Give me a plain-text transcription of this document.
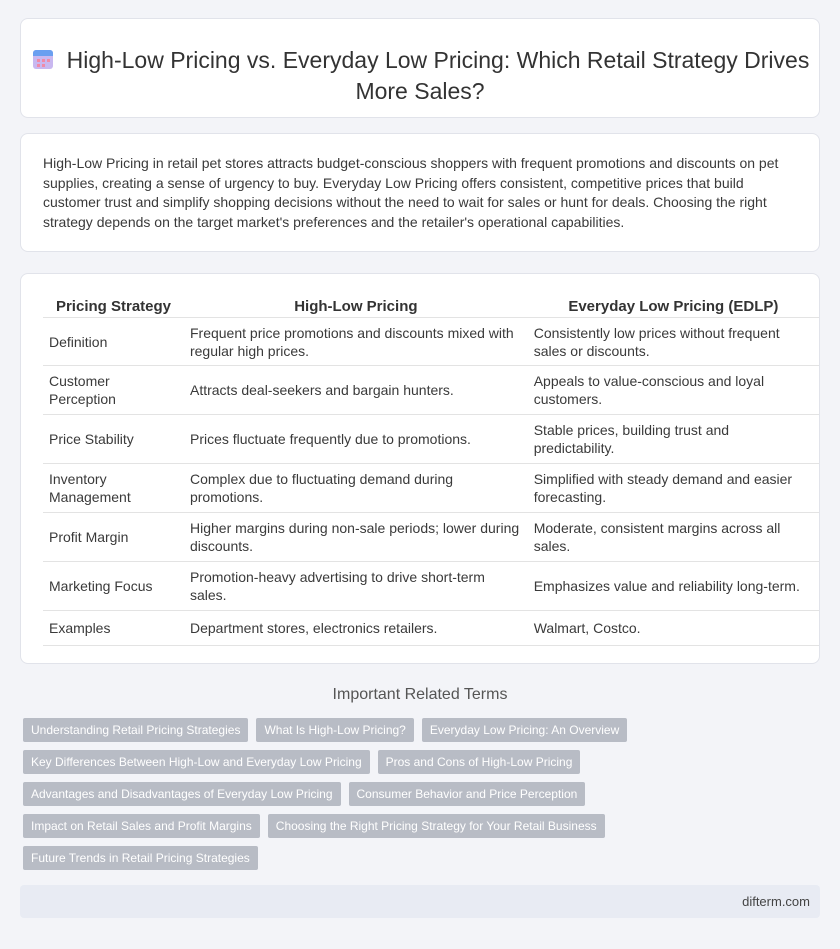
High-Low Pricing vs. Everyday Low Pricing: Which Retail Strategy Drives More Sales?

High-Low Pricing in retail pet stores attracts budget-conscious shoppers with frequent promotions and discounts on pet supplies, creating a sense of urgency to buy. Everyday Low Pricing offers consistent, competitive prices that build customer trust and simplify shopping decisions without the need to wait for sales or hunt for deals. Choosing the right strategy depends on the target market's preferences and the retailer's operational capabilities.

Pricing Strategy	High-Low Pricing	Everyday Low Pricing (EDLP)
Definition	Frequent price promotions and discounts mixed with regular high prices.	Consistently low prices without frequent sales or discounts.
Customer Perception	Attracts deal-seekers and bargain hunters.	Appeals to value-conscious and loyal customers.
Price Stability	Prices fluctuate frequently due to promotions.	Stable prices, building trust and predictability.
Inventory Management	Complex due to fluctuating demand during promotions.	Simplified with steady demand and easier forecasting.
Profit Margin	Higher margins during non-sale periods; lower during discounts.	Moderate, consistent margins across all sales.
Marketing Focus	Promotion-heavy advertising to drive short-term sales.	Emphasizes value and reliability long-term.
Examples	Department stores, electronics retailers.	Walmart, Costco.
Important Related Terms
Understanding Retail Pricing Strategies	What Is High-Low Pricing?	Everyday Low Pricing: An Overview
Key Differences Between High-Low and Everyday Low Pricing	Pros and Cons of High-Low Pricing
Advantages and Disadvantages of Everyday Low Pricing	Consumer Behavior and Price Perception
Impact on Retail Sales and Profit Margins	Choosing the Right Pricing Strategy for Your Retail Business
Future Trends in Retail Pricing Strategies
difterm.com
